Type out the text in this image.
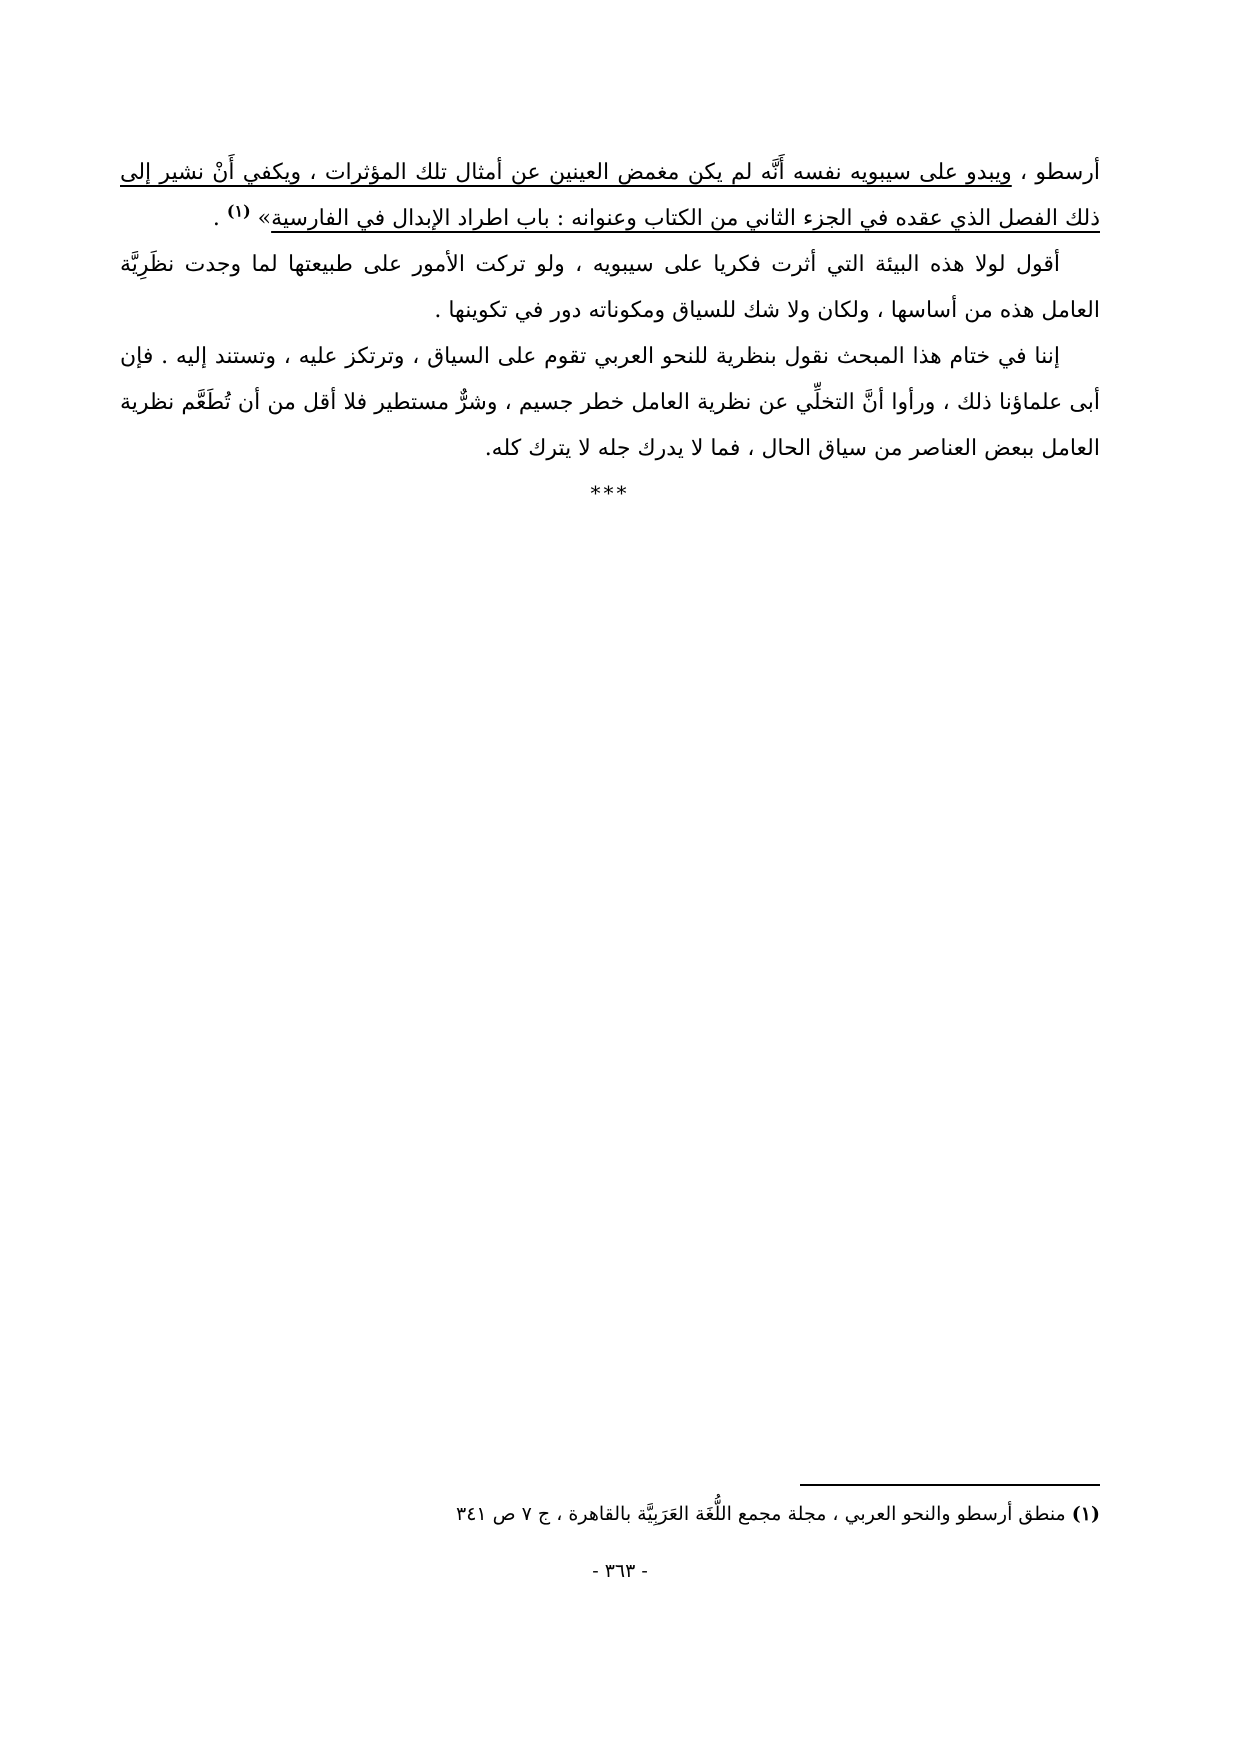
أرسطو ، ويبدو على سيبويه نفسه أَنَّه لم يكن مغمض العينين عن أمثال تلك المؤثرات ، ويكفي أَنْ نشير إلى ذلك الفصل الذي عقده في الجزء الثاني من الكتاب وعنوانه : باب اطراد الإبدال في الفارسية» $^{(١)}$ .

أقول لولا هذه البيئة التي أثرت فكريا على سيبويه ، ولو تركت الأمور على طبيعتها لما وجدت نظَرِيَّة العامل هذه من أساسها ، ولكان ولا شك للسياق ومكوناته دور في تكوينها .

إننا في ختام هذا المبحث نقول بنظرية للنحو العربي تقوم على السياق ، وترتكز عليه ، وتستند إليه . فإن أبى علماؤنا ذلك ، ورأوا أنَّ التخلِّي عن نظرية العامل خطر جسيم ، وشرٌّ مستطير فلا أقل من أن تُطَعَّم نظرية العامل ببعض العناصر من سياق الحال ، فما لا يدرك جله لا يترك كله.

***
(١) منطق أرسطو والنحو العربي ، مجلة مجمع اللُّغَة العَرَبِيَّة بالقاهرة ، ج ٧ ص ٣٤١
- ٣٦٣ -
